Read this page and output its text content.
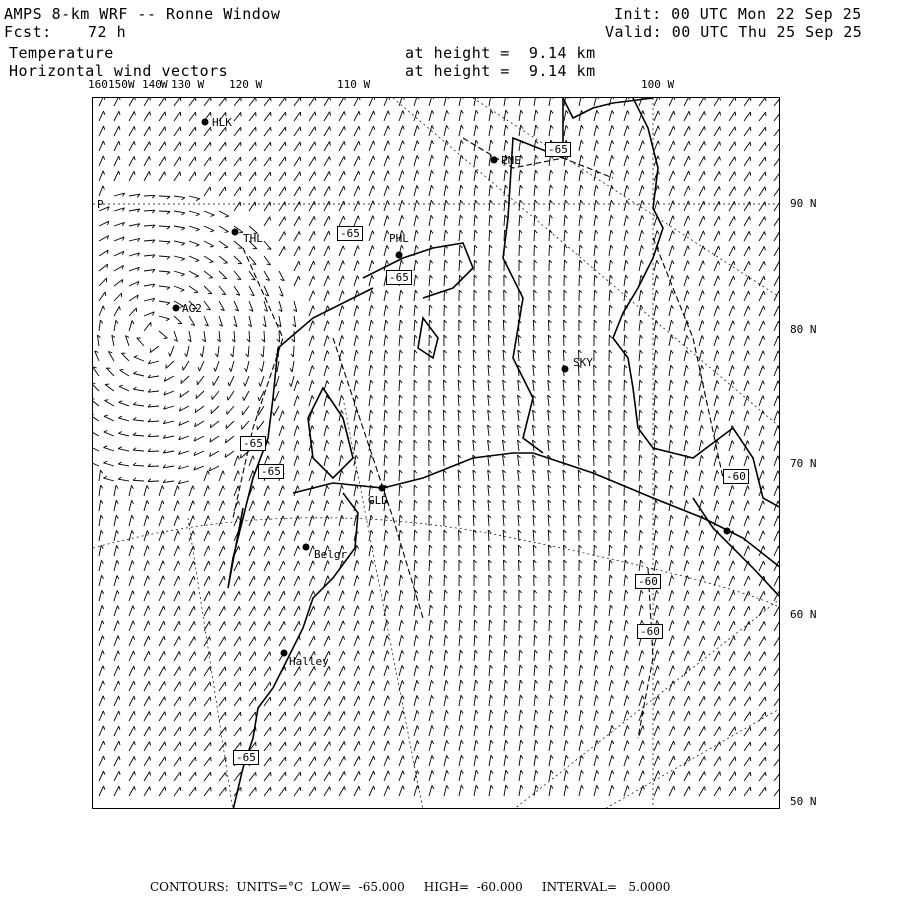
AMPS 8-km WRF -- Ronne Window
Fcst: 72 h
Temperature
Horizontal wind vectors
at height =  9.14 km
at height =  9.14 km
Init: 00 UTC Mon 22 Sep 25
Valid: 00 UTC Thu 25 Sep 25
160 150 W 140 W 130 W 120 W	110 W	100 W
90 N
80 N
70 N
60 N
50 N
P
HLK
PNE
THL	PHL
AG2
SKY
GLD
Belgr
Halley
-65
-65
-65
-65
-65
-65
-60
-60
-60
CONTOURS:  UNITS=°C  LOW=  -65.000     HIGH=  -60.000     INTERVAL=   5.0000
